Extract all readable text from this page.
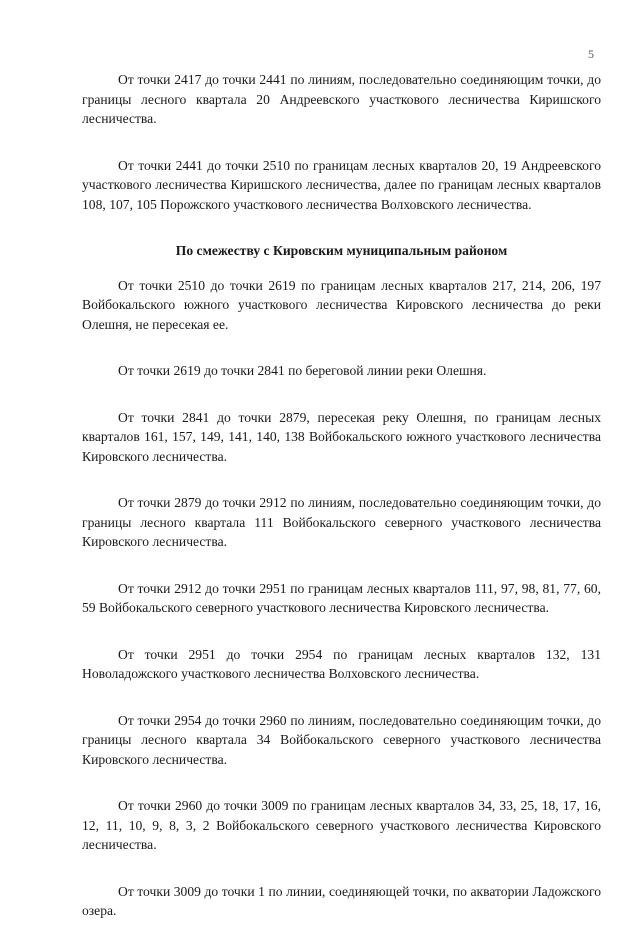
5

От точки 2417 до точки 2441 по линиям, последовательно соединяющим точки, до границы лесного квартала 20 Андреевского участкового лесничества Киришского лесничества.

От точки 2441 до точки 2510 по границам лесных кварталов 20, 19 Андреевского участкового лесничества Киришского лесничества, далее по границам лесных кварталов 108, 107, 105 Порожского участкового лесничества Волховского лесничества.

По смежеству с Кировским муниципальным районом

От точки 2510 до точки 2619 по границам лесных кварталов 217, 214, 206, 197 Войбокальского южного участкового лесничества Кировского лесничества до реки Олешня, не пересекая ее.

От точки 2619 до точки 2841 по береговой линии реки Олешня.

От точки 2841 до точки 2879, пересекая реку Олешня, по границам лесных кварталов 161, 157, 149, 141, 140, 138 Войбокальского южного участкового лесничества Кировского лесничества.

От точки 2879 до точки 2912 по линиям, последовательно соединяющим точки, до границы лесного квартала 111 Войбокальского северного участкового лесничества Кировского лесничества.

От точки 2912 до точки 2951 по границам лесных кварталов 111, 97, 98, 81, 77, 60, 59 Войбокальского северного участкового лесничества Кировского лесничества.

От точки 2951 до точки 2954 по границам лесных кварталов 132, 131 Новоладожского участкового лесничества Волховского лесничества.

От точки 2954 до точки 2960 по линиям, последовательно соединяющим точки, до границы лесного квартала 34 Войбокальского северного участкового лесничества Кировского лесничества.

От точки 2960 до точки 3009 по границам лесных кварталов 34, 33, 25, 18, 17, 16, 12, 11, 10, 9, 8, 3, 2 Войбокальского северного участкового лесничества Кировского лесничества.

От точки 3009 до точки 1 по линии, соединяющей точки, по акватории Ладожского озера.
